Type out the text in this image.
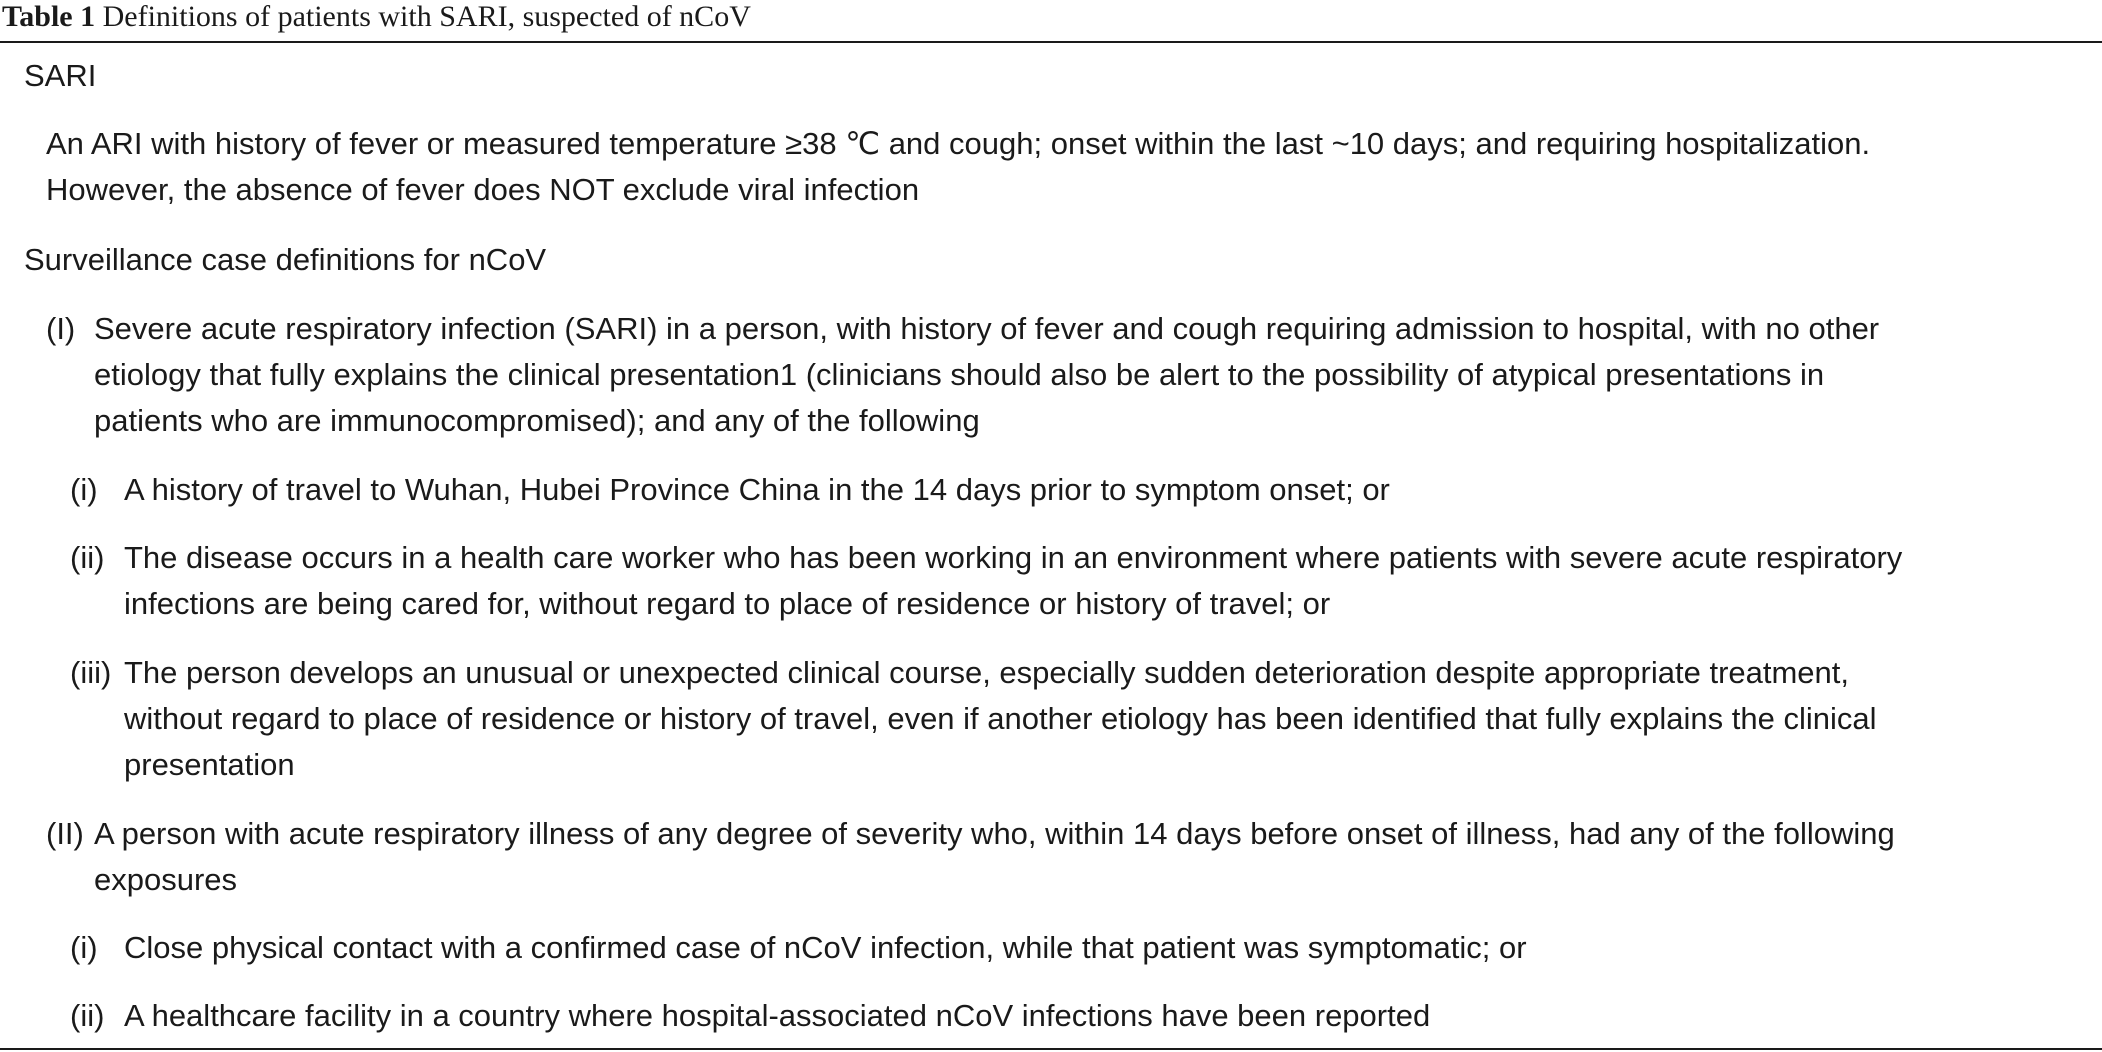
Table 1 Definitions of patients with SARI, suspected of nCoV
SARI
An ARI with history of fever or measured temperature ≥38 ℃ and cough; onset within the last ~10 days; and requiring hospitalization.
However, the absence of fever does NOT exclude viral infection
Surveillance case definitions for nCoV
(I) Severe acute respiratory infection (SARI) in a person, with history of fever and cough requiring admission to hospital, with no other
etiology that fully explains the clinical presentation1 (clinicians should also be alert to the possibility of atypical presentations in
patients who are immunocompromised); and any of the following
(i) A history of travel to Wuhan, Hubei Province China in the 14 days prior to symptom onset; or
(ii) The disease occurs in a health care worker who has been working in an environment where patients with severe acute respiratory
infections are being cared for, without regard to place of residence or history of travel; or
(iii) The person develops an unusual or unexpected clinical course, especially sudden deterioration despite appropriate treatment,
without regard to place of residence or history of travel, even if another etiology has been identified that fully explains the clinical
presentation
(II) A person with acute respiratory illness of any degree of severity who, within 14 days before onset of illness, had any of the following
exposures
(i) Close physical contact with a confirmed case of nCoV infection, while that patient was symptomatic; or
(ii) A healthcare facility in a country where hospital-associated nCoV infections have been reported
